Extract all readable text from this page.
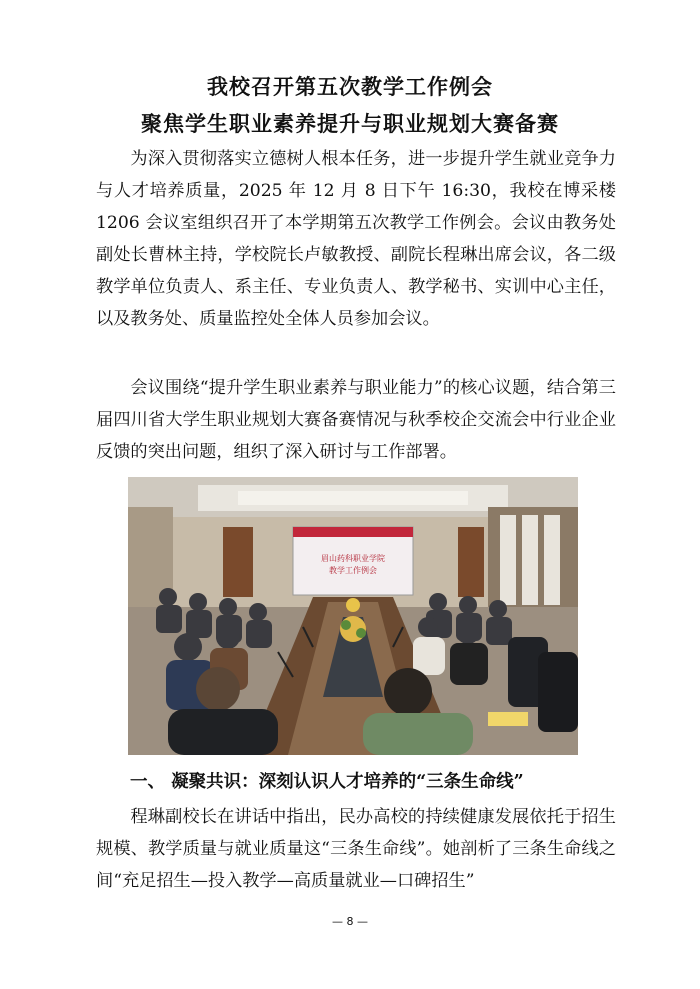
我校召开第五次教学工作例会
聚焦学生职业素养提升与职业规划大赛备赛

为深入贯彻落实立德树人根本任务，进一步提升学生就业竞争力与人才培养质量，2025 年 12 月 8 日下午 16:30，我校在博采楼 1206 会议室组织召开了本学期第五次教学工作例会。会议由教务处副处长曹林主持，学校院长卢敏教授、副院长程琳出席会议，各二级教学单位负责人、系主任、专业负责人、教学秘书、实训中心主任，以及教务处、质量监控处全体人员参加会议。

会议围绕“提升学生职业素养与职业能力”的核心议题，结合第三届四川省大学生职业规划大赛备赛情况与秋季校企交流会中行业企业反馈的突出问题，组织了深入研讨与工作部署。

眉山药科职业学院
教学工作例会
一、 凝聚共识：深刻认识人才培养的“三条生命线”

程琳副校长在讲话中指出，民办高校的持续健康发展依托于招生规模、教学质量与就业质量这“三条生命线”。她剖析了三条生命线之间“充足招生—投入教学—高质量就业—口碑招生”

— 8 —
